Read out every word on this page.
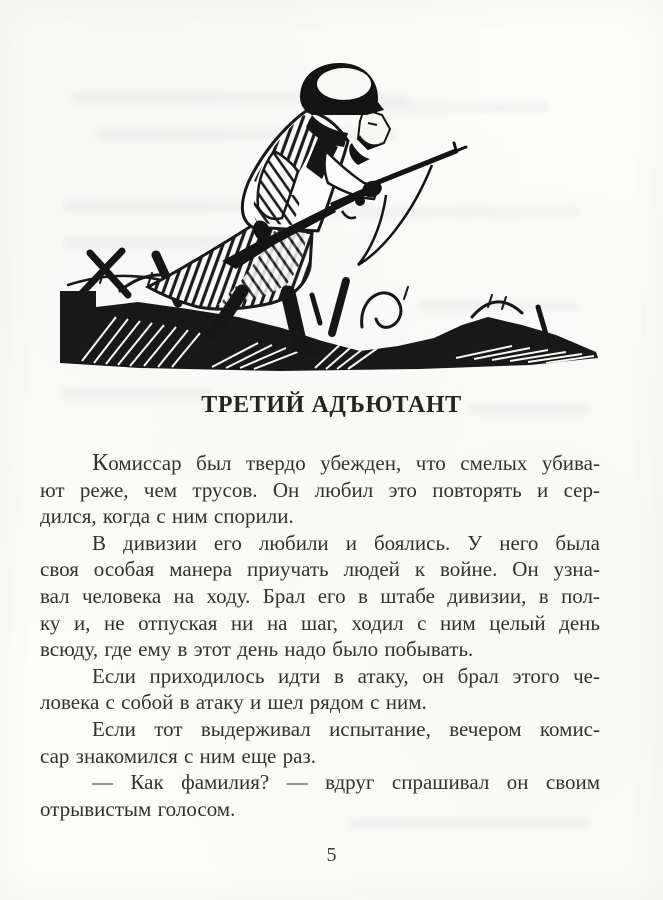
ТРЕТИЙ АДЪЮТАНТ
Комиссар был твердо убежден, что смелых убива-
ют реже, чем трусов. Он любил это повторять и сер-
дился, когда с ним спорили.
В дивизии его любили и боялись. У него была
своя особая манера приучать людей к войне. Он узна-
вал человека на ходу. Брал его в штабе дивизии, в пол-
ку и, не отпуская ни на шаг, ходил с ним целый день
всюду, где ему в этот день надо было побывать.
Если приходилось идти в атаку, он брал этого че-
ловека с собой в атаку и шел рядом с ним.
Если тот выдерживал испытание, вечером комис-
сар знакомился с ним еще раз.
— Как фамилия? — вдруг спрашивал он своим
отрывистым голосом.
5
